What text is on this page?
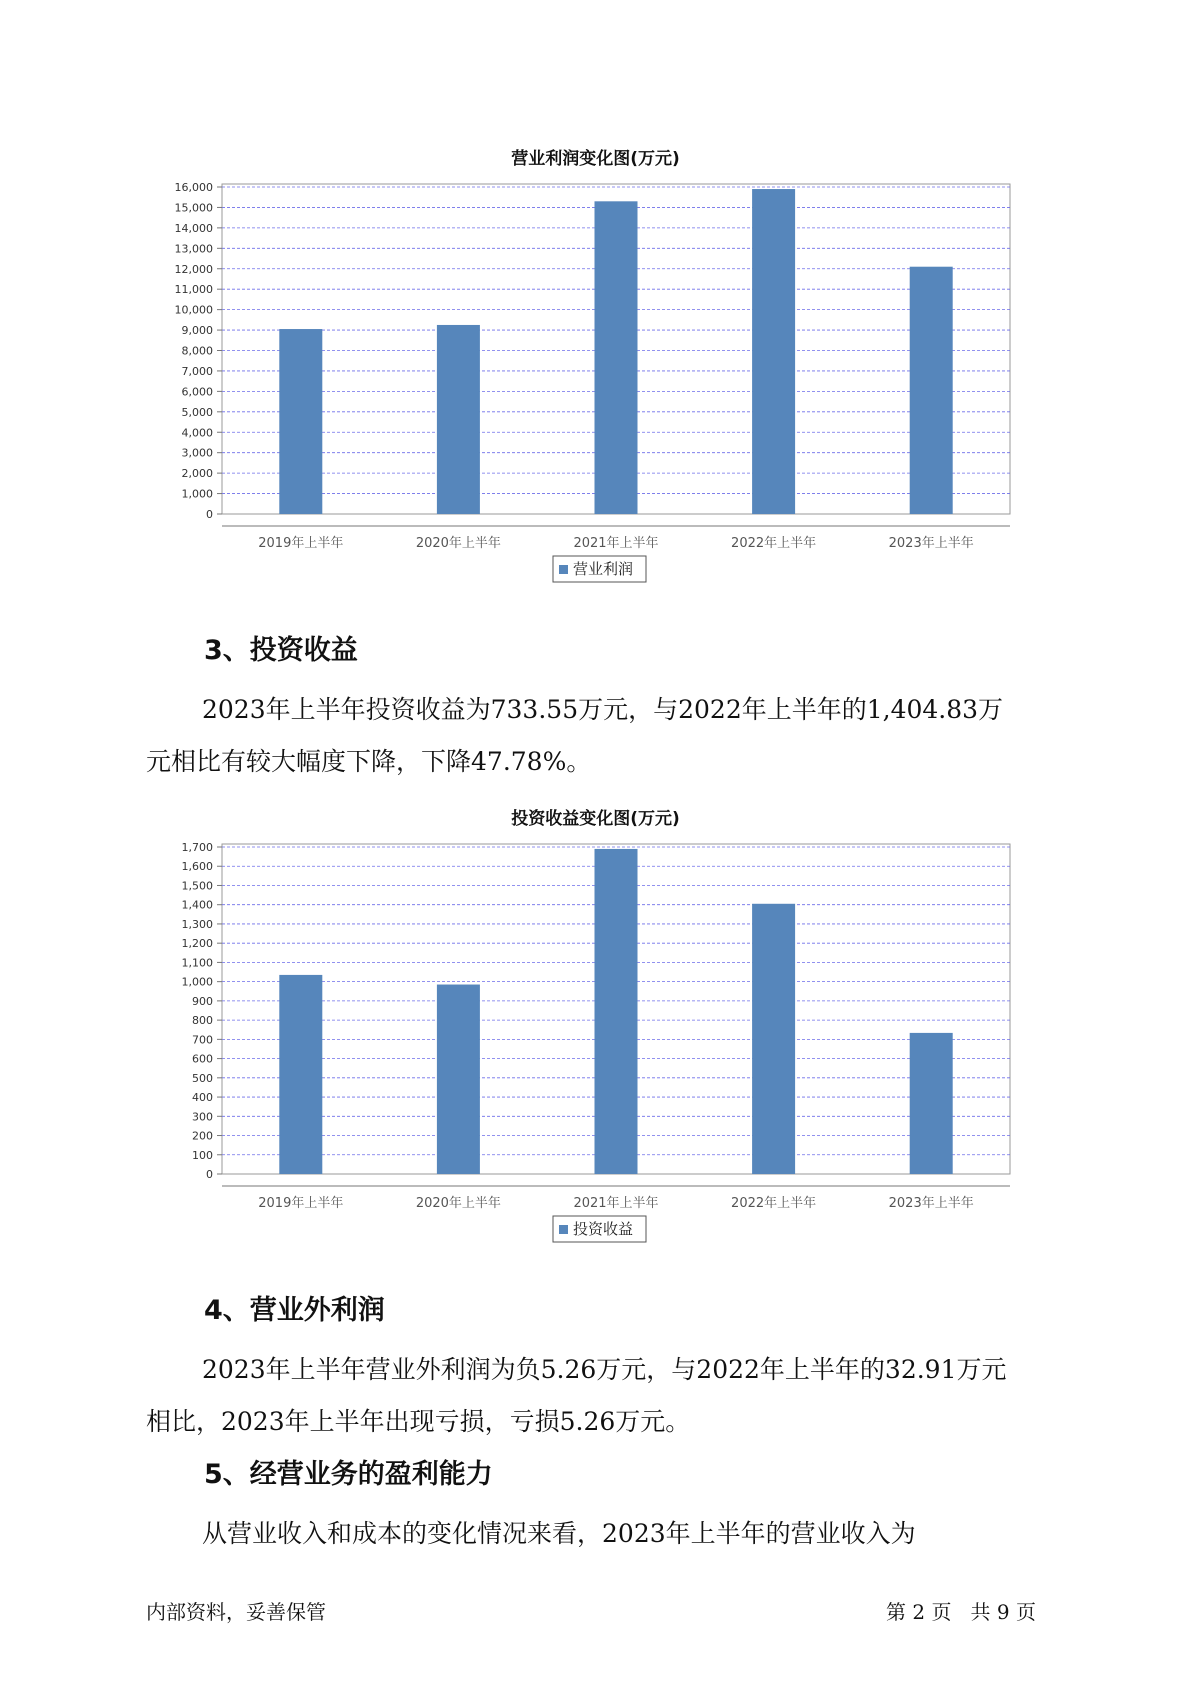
营业利润变化图(万元)
0
1,000
2,000
3,000
4,000
5,000
6,000
7,000
8,000
9,000
10,000
11,000
12,000
13,000
14,000
15,000
16,000
2019年上半年	2020年上半年	2021年上半年	2022年上半年	2023年上半年
营业利润
3、投资收益

2023年上半年投资收益为733.55万元，与2022年上半年的1,404.83万
元相比有较大幅度下降，下降47.78%。

投资收益变化图(万元)
0
100
200
300
400
500
600
700
800
900
1,000
1,100
1,200
1,300
1,400
1,500
1,600
1,700
2019年上半年	2020年上半年	2021年上半年	2022年上半年	2023年上半年
投资收益
4、营业外利润

2023年上半年营业外利润为负5.26万元，与2022年上半年的32.91万元
相比，2023年上半年出现亏损，亏损5.26万元。

5、经营业务的盈利能力

从营业收入和成本的变化情况来看，2023年上半年的营业收入为

内部资料，妥善保管	第 2 页   共 9 页
